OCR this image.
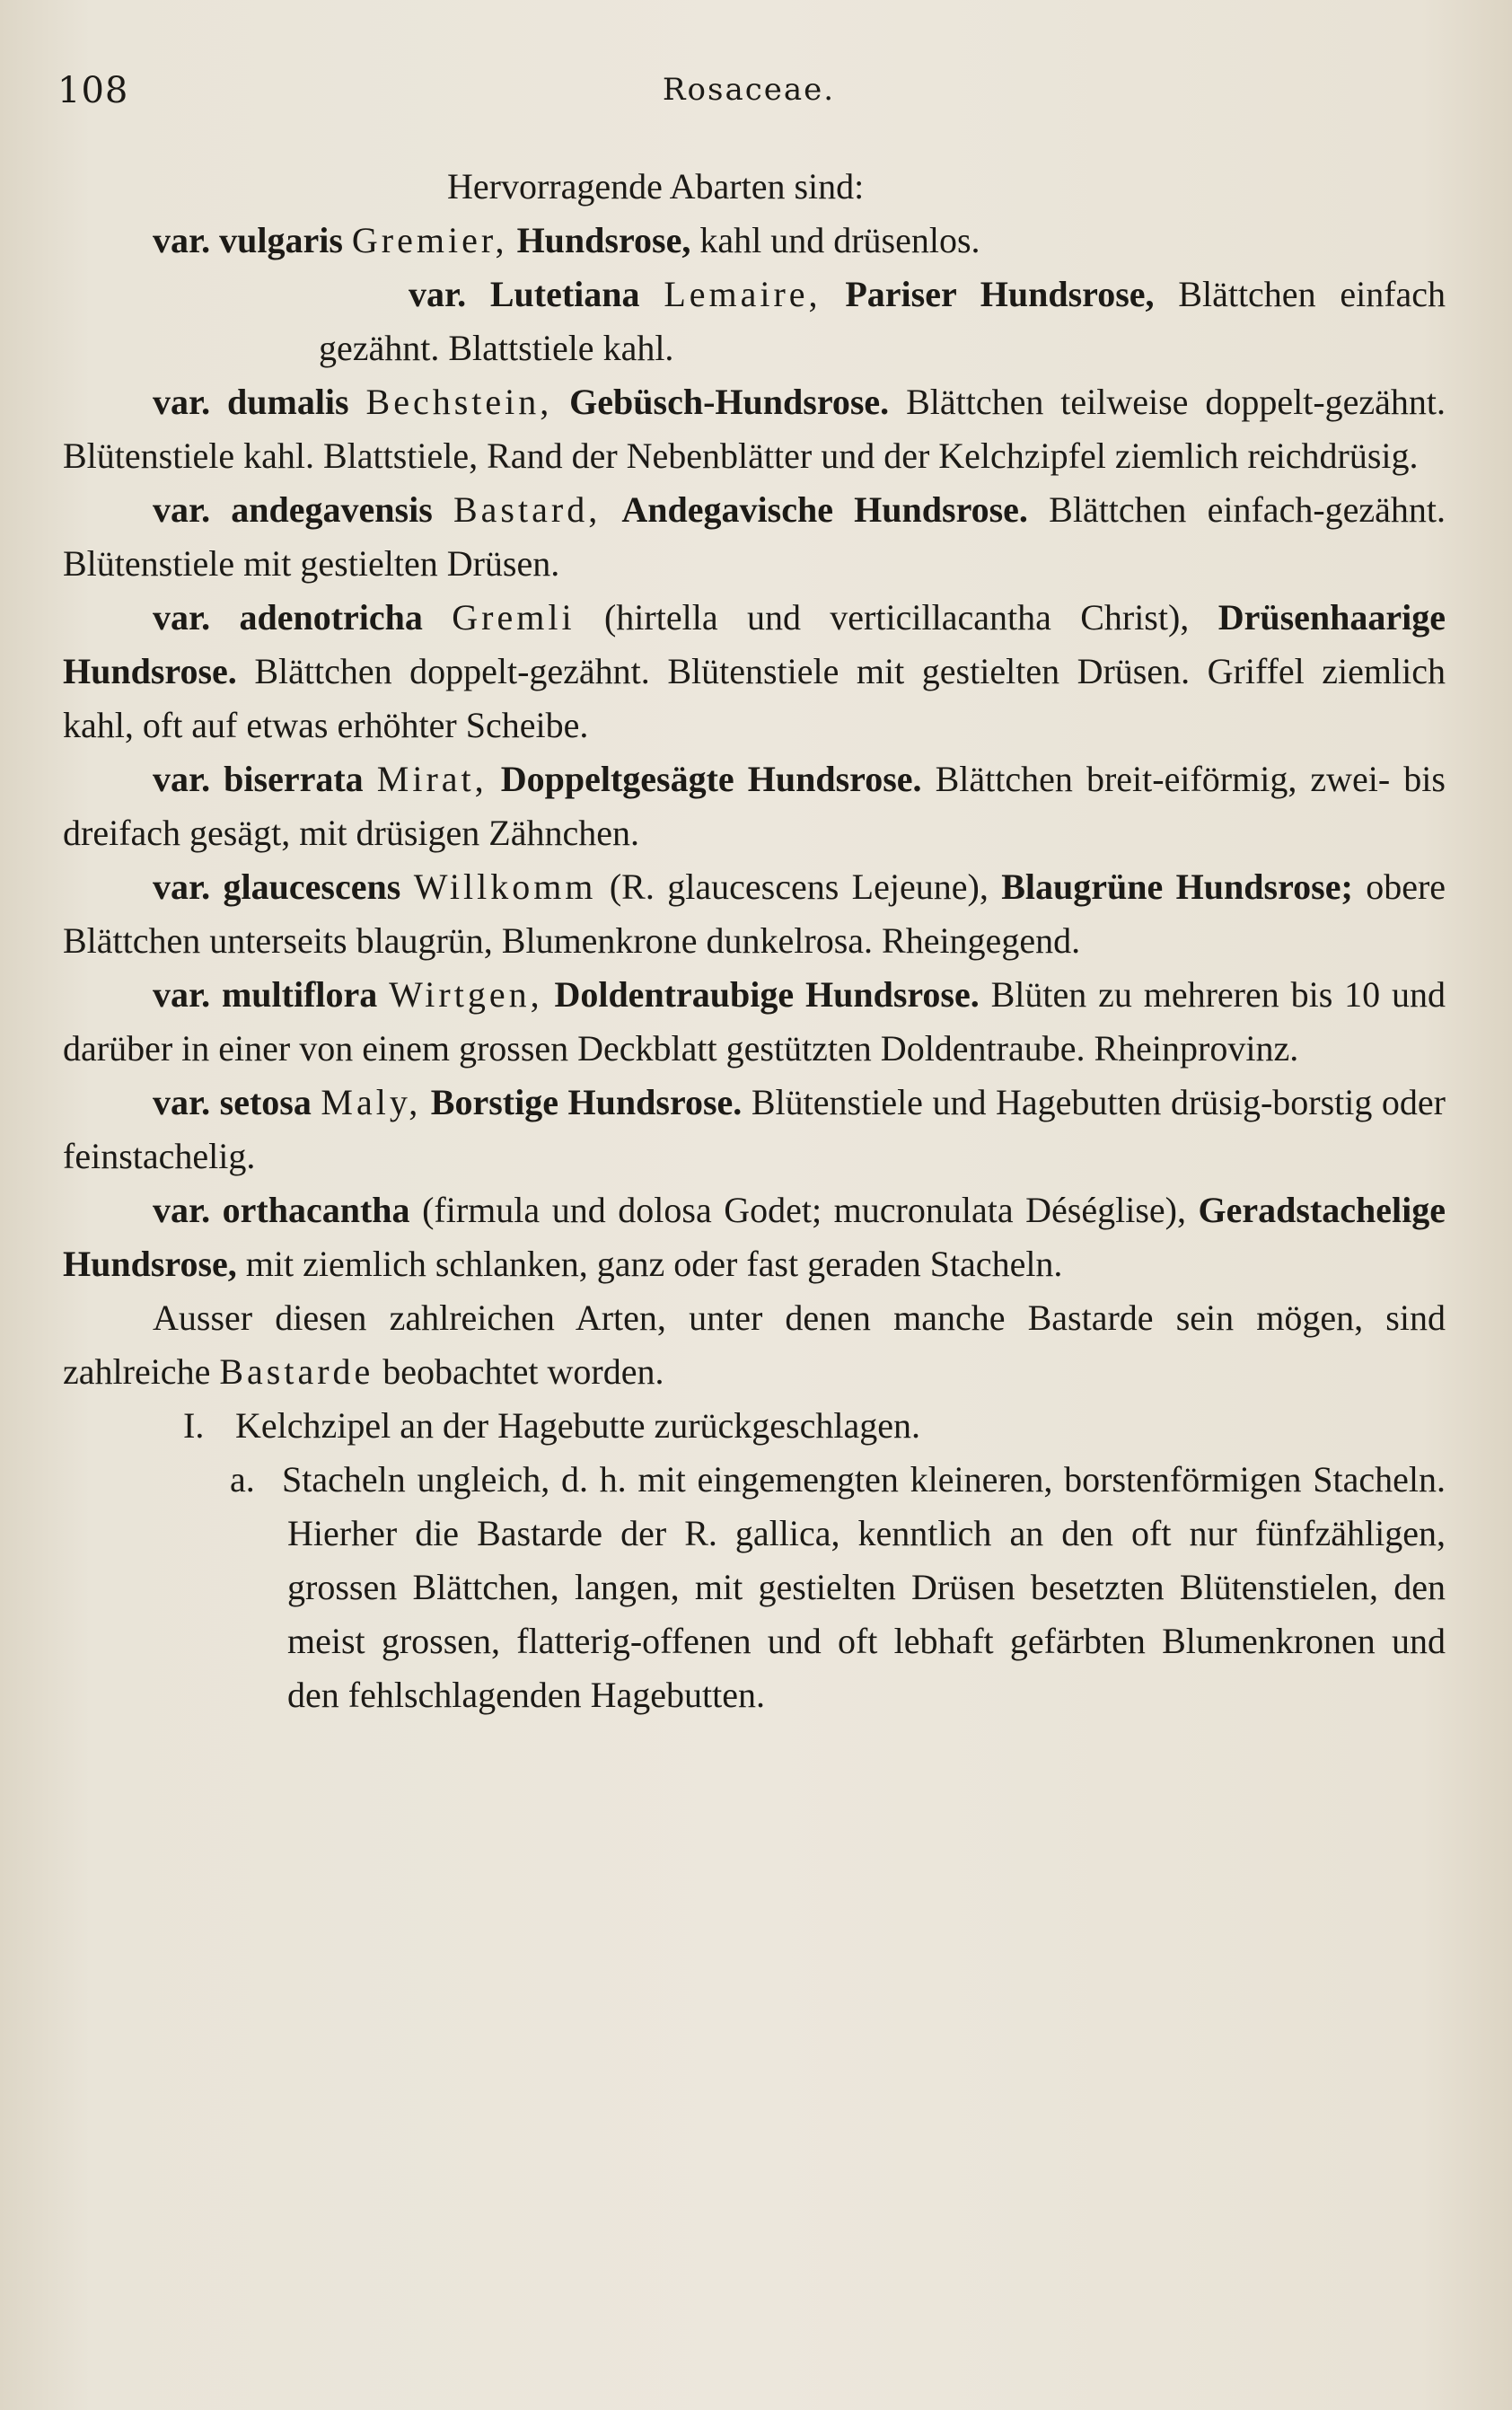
108	Rosaceae.

Hervorragende Abarten sind:

var. vulgaris Gremier, Hundsrose, kahl und drüsenlos.

var. Lutetiana Lemaire, Pariser Hundsrose, Blättchen einfach gezähnt. Blattstiele kahl.

var. dumalis Bechstein, Gebüsch-Hundsrose. Blättchen teilweise doppelt-gezähnt. Blütenstiele kahl. Blattstiele, Rand der Nebenblätter und der Kelchzipfel ziemlich reichdrüsig.

var. andegavensis Bastard, Andegavische Hundsrose. Blättchen einfach-gezähnt. Blütenstiele mit gestielten Drüsen.

var. adenotricha Gremli (hirtella und verticillacantha Christ), Drüsenhaarige Hundsrose. Blättchen doppelt-gezähnt. Blütenstiele mit gestielten Drüsen. Griffel ziemlich kahl, oft auf etwas erhöhter Scheibe.

var. biserrata Mirat, Doppeltgesägte Hundsrose. Blättchen breit-eiförmig, zwei- bis dreifach gesägt, mit drüsigen Zähnchen.

var. glaucescens Willkomm (R. glaucescens Lejeune), Blaugrüne Hundsrose; obere Blättchen unterseits blaugrün, Blumenkrone dunkelrosa. Rheingegend.

var. multiflora Wirtgen, Doldentraubige Hundsrose. Blüten zu mehreren bis 10 und darüber in einer von einem grossen Deckblatt gestützten Doldentraube. Rheinprovinz.

var. setosa Maly, Borstige Hundsrose. Blütenstiele und Hagebutten drüsig-borstig oder feinstachelig.

var. orthacantha (firmula und dolosa Godet; mucronulata Déséglise), Geradstachelige Hundsrose, mit ziemlich schlanken, ganz oder fast geraden Stacheln.

Ausser diesen zahlreichen Arten, unter denen manche Bastarde sein mögen, sind zahlreiche Bastarde beobachtet worden.

I. Kelchzipel an der Hagebutte zurückgeschlagen.

a. Stacheln ungleich, d. h. mit eingemengten kleineren, borstenförmigen Stacheln. Hierher die Bastarde der R. gallica, kenntlich an den oft nur fünfzähligen, grossen Blättchen, langen, mit gestielten Drüsen besetzten Blütenstielen, den meist grossen, flatterig-offenen und oft lebhaft gefärbten Blumenkronen und den fehlschlagenden Hagebutten.
